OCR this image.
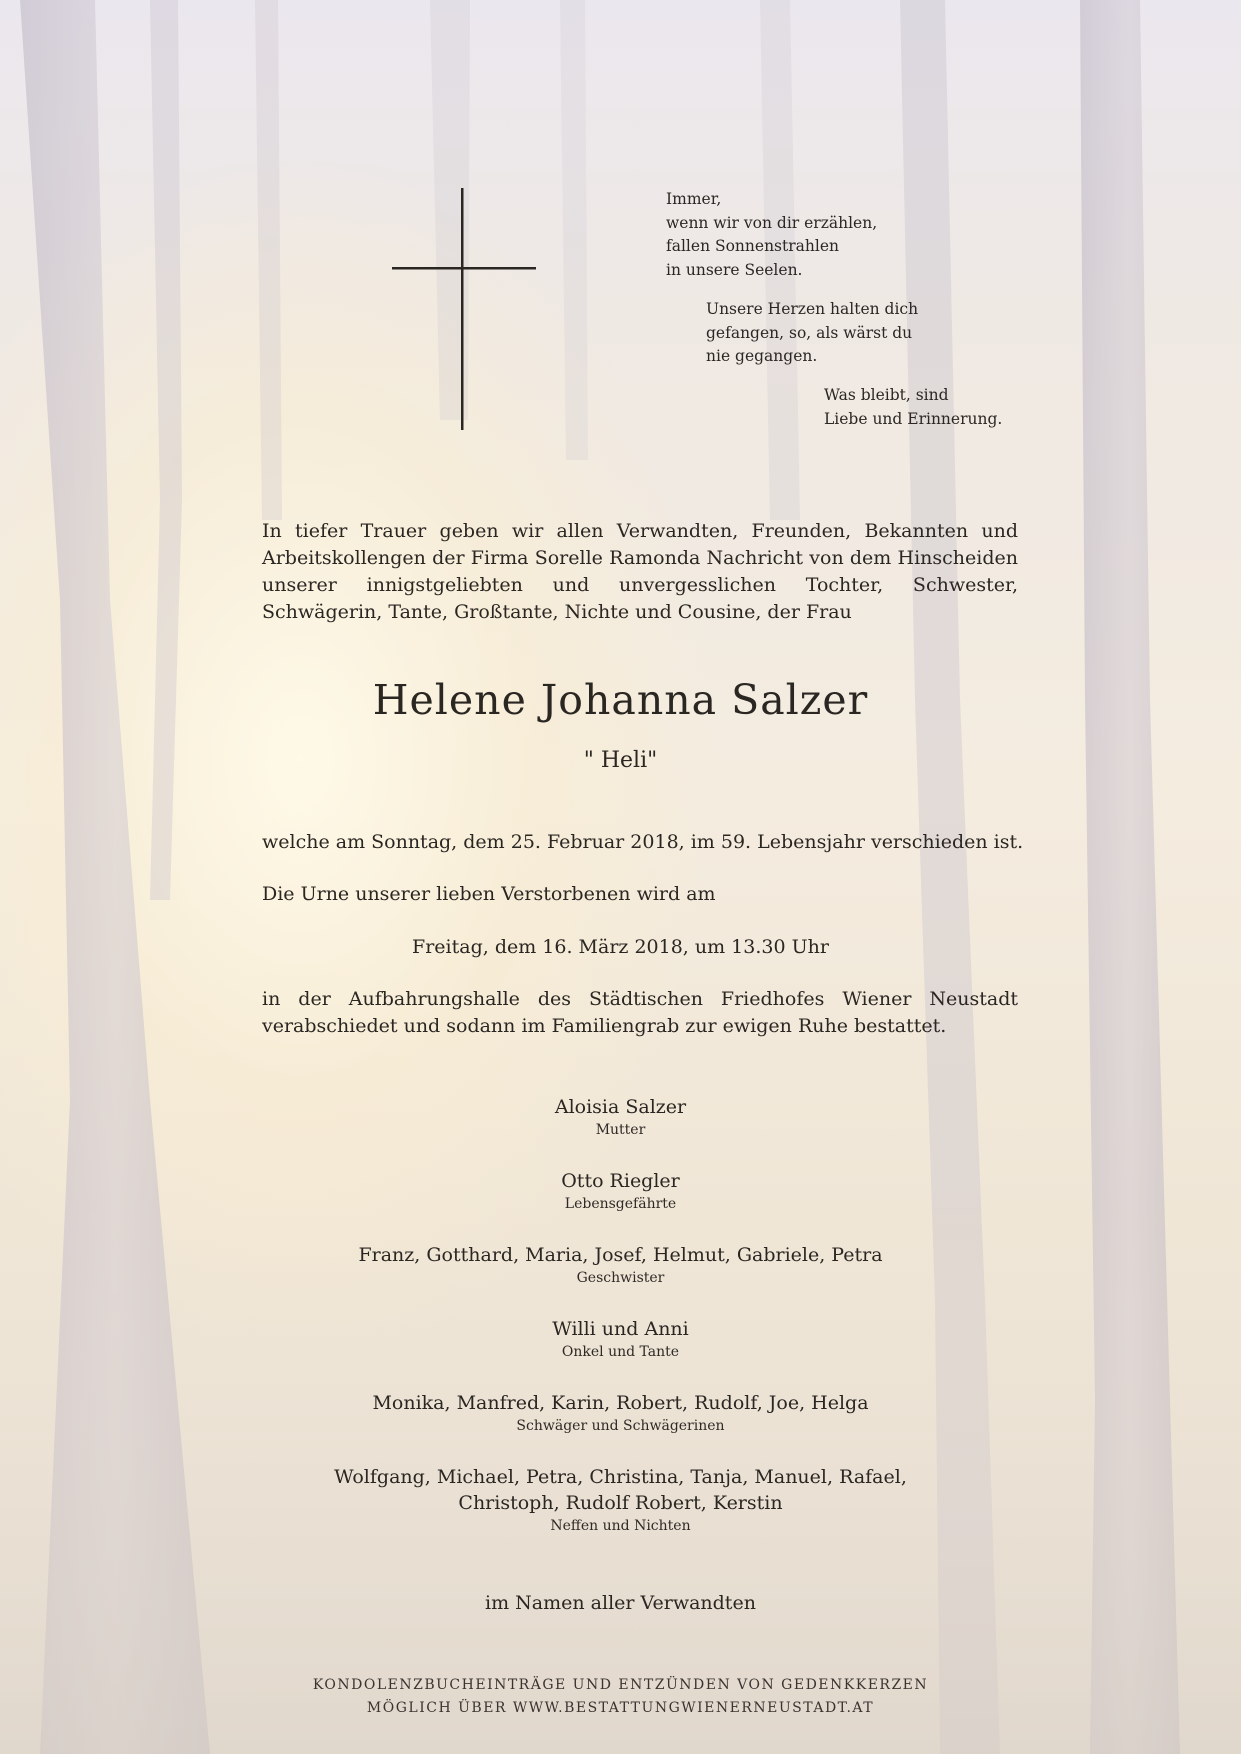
Immer,
wenn wir von dir erzählen,
fallen Sonnenstrahlen
in unsere Seelen.
Unsere Herzen halten dich
gefangen, so, als wärst du
nie gegangen.
Was bleibt, sind
Liebe und Erinnerung.
In tiefer Trauer geben wir allen Verwandten, Freunden, Bekannten und Arbeitskollengen der Firma Sorelle Ramonda Nachricht von dem Hinscheiden unserer innigstgeliebten und unvergesslichen Tochter, Schwester, Schwägerin, Tante, Großtante, Nichte und Cousine, der Frau
Helene Johanna Salzer
" Heli"
welche am Sonntag, dem 25. Februar 2018, im 59. Lebensjahr verschieden ist.
Die Urne unserer lieben Verstorbenen wird am
Freitag, dem 16. März 2018, um 13.30 Uhr
in der Aufbahrungshalle des Städtischen Friedhofes Wiener Neustadt verabschiedet und sodann im Familiengrab zur ewigen Ruhe bestattet.
Aloisia Salzer
Mutter
Otto Riegler
Lebensgefährte
Franz, Gotthard, Maria, Josef, Helmut, Gabriele, Petra
Geschwister
Willi und Anni
Onkel und Tante
Monika, Manfred, Karin, Robert, Rudolf, Joe, Helga
Schwäger und Schwägerinen
Wolfgang, Michael, Petra, Christina, Tanja, Manuel, Rafael,
Christoph, Rudolf Robert, Kerstin
Neffen und Nichten
im Namen aller Verwandten
KONDOLENZBUCHEINTRÄGE UND ENTZÜNDEN VON GEDENKKERZEN
MÖGLICH ÜBER WWW.BESTATTUNGWIENERNEUSTADT.AT
